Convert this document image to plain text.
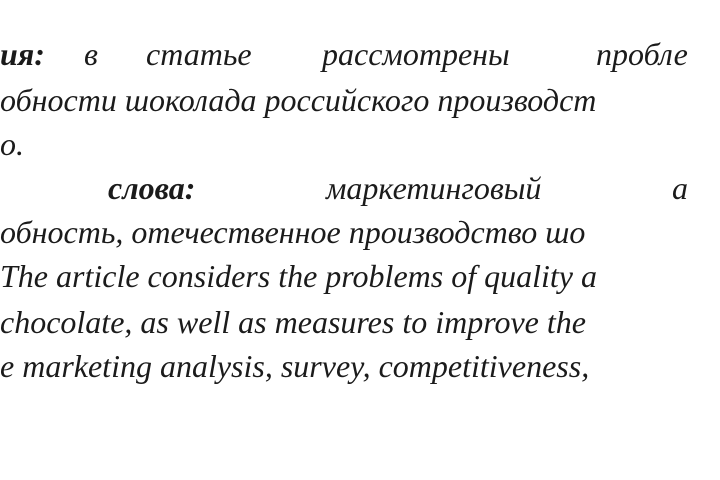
ия: в статье рассмотрены	пробле
обности шоколада российского производст
о.
слова:	маркетинговый	а
обность, отечественное производство шо
The article considers the problems of quality a
chocolate, as well as measures to improve the
e marketing analysis, survey, competitiveness,
